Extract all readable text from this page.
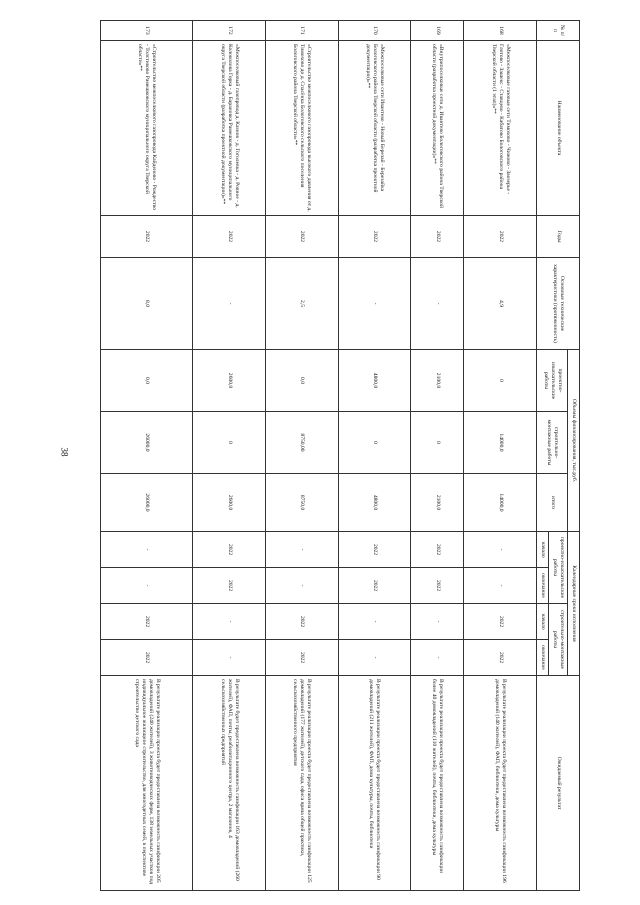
38
№ п/п	Наименование объекта	Годы	Основные технические характеристики (протяженность)	Объемы финансирования, тыс.руб.			Календарные сроки исполнения				Ожидаемый результат
				проектно-изыскательские работы	строительно-монтажные работы	итого	проектно-изыскательские работы		строительно-монтажные работы		
							начало	окончание	начало	окончание	
168	«Межпоселковые газовые сети Тимохово - Чижово - Заозерье - Глотово - Зашекс - Ставцево - Кабатово Бологовского района Тверской области (1 этап)»**	2022	4,9	0	14000,0	14000,0	-	-	2022	2022	В результате реализации проекта будет предоставлена возможность газификации 196 домовладений (140 жителей), ФАП, библиотеки, дома культуры
169	«Внутрипоселковые сети д. Ивантево Бологовского района Тверской области (разработка проектной документации)»**	2022	-	2100,0	0	2100,0	2022	2022	-	-	В результате реализации проекта будет предоставлена возможность газификации более 40 домовладений (110 жителей), почты, библиотеки, дома культуры
170	«Межпоселковые сети Ивантево - Новый Березай - Березайка Бологовского района Тверской области (разработка проектной документации)»**	2022	-	4800,0	0	4800,0	2022	2022	-	-	В результате реализации проекта будет предоставлена возможность газификации 90 домовладений (211 жителей), ФАП, дома культуры, почты, библиотеки
171	«Строительство межпоселкового газопровода высокого давления от д. Тимохово до д. Спасёнка Бологовского сельского поселения Бологовского района Тверской области»**	2022	2,5	0,0	8750,00	8750,0	-	-	2022	2022	В результате реализации проекта будет предоставлена возможность газификации 125 домовладений (177 жителей), детского сада, офиса врача общей практики, сельскохозяйственного предприятия
172	«Межпоселковый газопровод д. Казнов - д. Гоголевка - д. Ровное - д. Колоколова Горка - д. Барановка Рамешковского муниципального округа Тверской области (разработка проектной документации)»**	2022	-	2600,0	0	2600,0	2022	2022	-	-	В результате будет предоставлена возможность газификации 163 домовладений (260 жителей), ФАП, почты, реабилитационного центра, 2 магазинов, 4 сельскохозяйственных предприятий
173	«Строительство межпоселкового газопровода Кайденово - Рождество - Толстиково Рамешковского муниципального округа Тверской области»**	2022	8,0	0,0	26000,0	26000,0	-	-	2022	2022	В результате реализации проекта будет предоставлена возможность газификации 205 домовладений (240 жителей), 3 животноводческих ферм, 138 земельных участков под индивидуальное жилищное строительство, для многодетных семей, в перспективе строительство детского сада
